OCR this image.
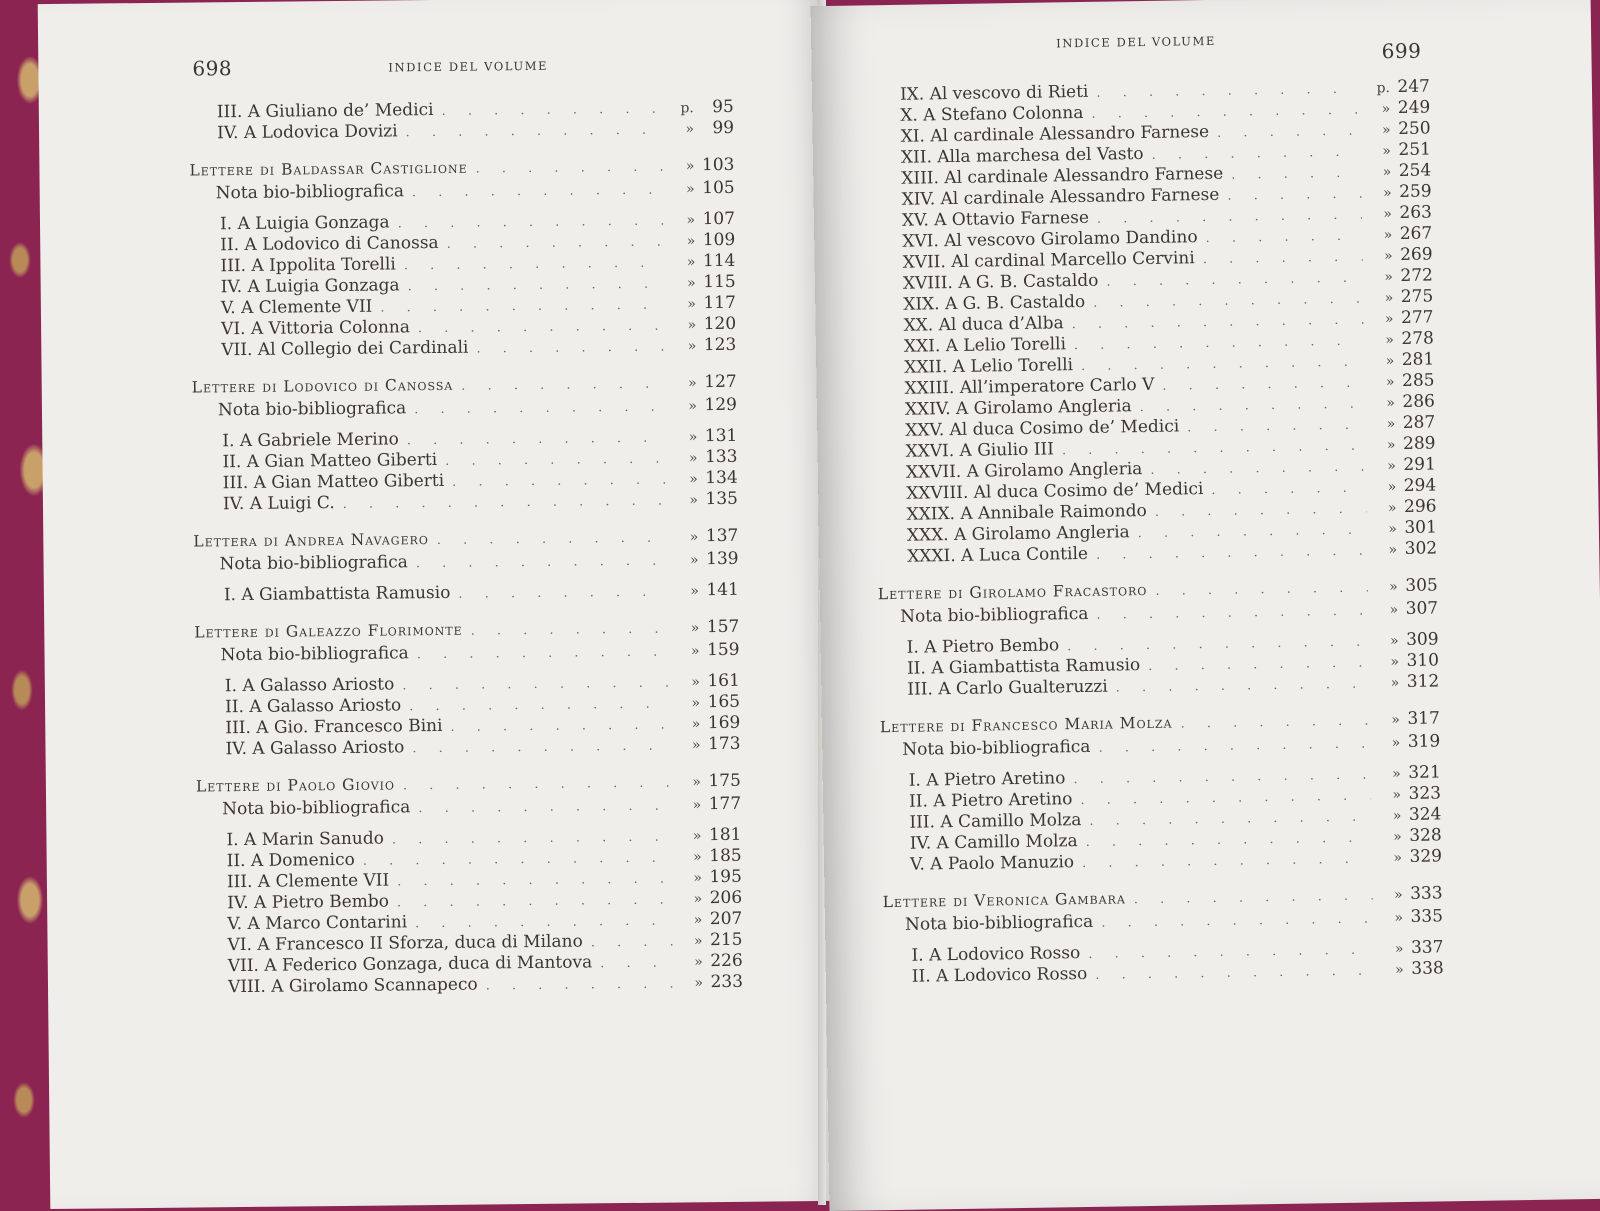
698	INDICE DEL VOLUME
III. A Giuliano de’ Medici . . .	p.	95
IV. A Lodovica Dovizi . . .	»	99
Lettere di Baldassar Castiglione . . .	» 103
Nota bio-bibliografica . . .	» 105
I. A Luigia Gonzaga . . .	» 107
II. A Lodovico di Canossa . . .	» 109
III. A Ippolita Torelli . . .	» 114
IV. A Luigia Gonzaga . . .	» 115
V. A Clemente VII . . .	» 117
VI. A Vittoria Colonna . . .	» 120
VII. Al Collegio dei Cardinali . . .	» 123
Lettere di Lodovico di Canossa . . .	» 127
Nota bio-bibliografica . . .	» 129
I. A Gabriele Merino . . .	» 131
II. A Gian Matteo Giberti . . .	» 133
III. A Gian Matteo Giberti . . .	» 134
IV. A Luigi C. . . .	» 135
Lettera di Andrea Navagero . . .	» 137
Nota bio-bibliografica . . .	» 139
I. A Giambattista Ramusio . . .	» 141
Lettere di Galeazzo Florimonte . . .	» 157
Nota bio-bibliografica . . .	» 159
I. A Galasso Ariosto . . .	» 161
II. A Galasso Ariosto . . .	» 165
III. A Gio. Francesco Bini . . .	» 169
IV. A Galasso Ariosto . . .	» 173
Lettere di Paolo Giovio . . .	» 175
Nota bio-bibliografica . . .	» 177
I. A Marin Sanudo . . .	» 181
II. A Domenico . . .	» 185
III. A Clemente VII . . .	» 195
IV. A Pietro Bembo . . .	» 206
V. A Marco Contarini . . .	» 207
VI. A Francesco II Sforza, duca di Milano . . .	» 215
VII. A Federico Gonzaga, duca di Mantova . . .	» 226
VIII. A Girolamo Scannapeco . . .	» 233
INDICE DEL VOLUME	699
IX. Al vescovo di Rieti . . .	p. 247
X. A Stefano Colonna . . .	» 249
XI. Al cardinale Alessandro Farnese . . .	» 250
XII. Alla marchesa del Vasto . . .	» 251
XIII. Al cardinale Alessandro Farnese . . .	» 254
XIV. Al cardinale Alessandro Farnese . . .	» 259
XV. A Ottavio Farnese . . .	» 263
XVI. Al vescovo Girolamo Dandino . . .	» 267
XVII. Al cardinal Marcello Cervini . . .	» 269
XVIII. A G. B. Castaldo . . .	» 272
XIX. A G. B. Castaldo . . .	» 275
XX. Al duca d’Alba . . .	» 277
XXI. A Lelio Torelli . . .	» 278
XXII. A Lelio Torelli . . .	» 281
XXIII. All’imperatore Carlo V . . .	» 285
XXIV. A Girolamo Angleria . . .	» 286
XXV. Al duca Cosimo de’ Medici . . .	» 287
XXVI. A Giulio III . . .	» 289
XXVII. A Girolamo Angleria . . .	» 291
XXVIII. Al duca Cosimo de’ Medici . . .	» 294
XXIX. A Annibale Raimondo . . .	» 296
XXX. A Girolamo Angleria . . .	» 301
XXXI. A Luca Contile . . .	» 302
Lettere di Girolamo Fracastoro . . .	» 305
Nota bio-bibliografica . . .	» 307
I. A Pietro Bembo . . .	» 309
II. A Giambattista Ramusio . . .	» 310
III. A Carlo Gualteruzzi . . .	» 312
Lettere di Francesco Maria Molza . . .	» 317
Nota bio-bibliografica . . .	» 319
I. A Pietro Aretino . . .	» 321
II. A Pietro Aretino . . .	» 323
III. A Camillo Molza . . .	» 324
IV. A Camillo Molza . . .	» 328
V. A Paolo Manuzio . . .	» 329
Lettere di Veronica Gambara . . .	» 333
Nota bio-bibliografica . . .	» 335
I. A Lodovico Rosso . . .	» 337
II. A Lodovico Rosso . . .	» 338
